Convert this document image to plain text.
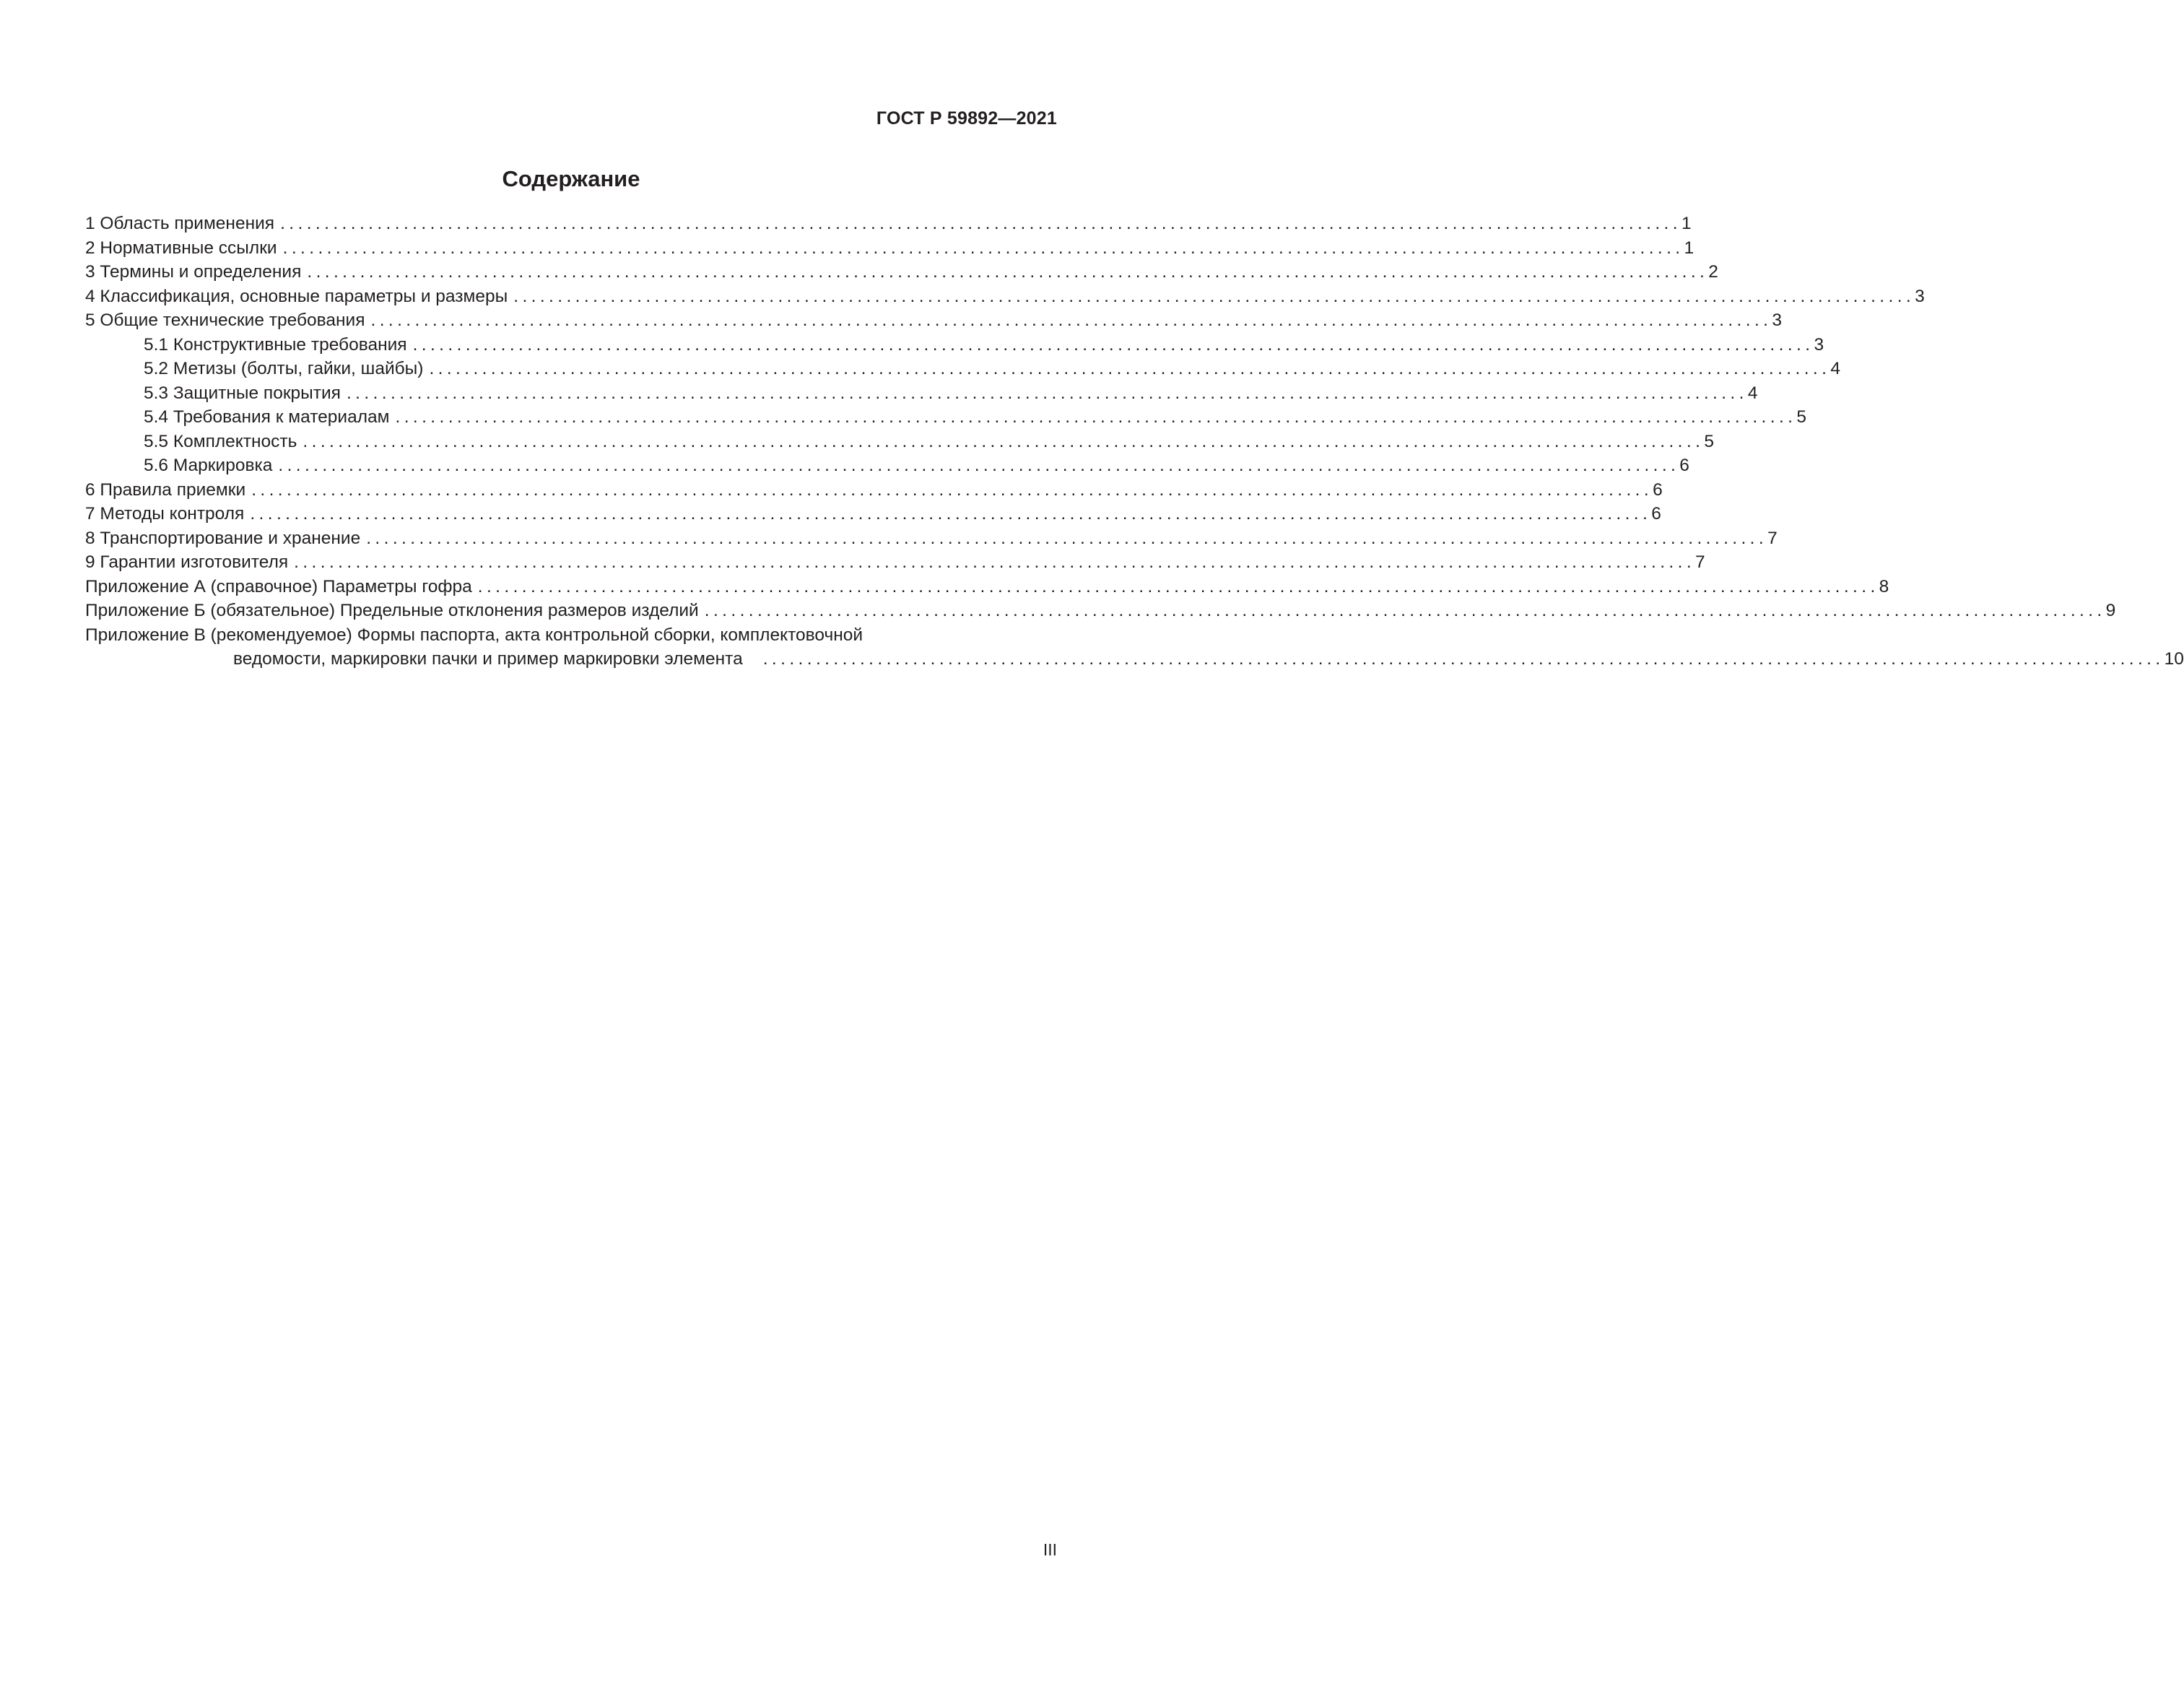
ГОСТ Р 59892—2021
Содержание
1 Область применения ............................................................................................................................................................... 1
2 Нормативные ссылки ............................................................................................................................................................... 1
3 Термины и определения ............................................................................................................................................................... 2
4 Классификация, основные параметры и размеры ............................................................................................................................................................... 3
5 Общие технические требования ............................................................................................................................................................... 3
5.1 Конструктивные требования ............................................................................................................................................................... 3
5.2 Метизы (болты, гайки, шайбы) ............................................................................................................................................................... 4
5.3 Защитные покрытия ............................................................................................................................................................... 4
5.4 Требования к материалам ............................................................................................................................................................... 5
5.5 Комплектность ............................................................................................................................................................... 5
5.6 Маркировка ............................................................................................................................................................... 6
6 Правила приемки ............................................................................................................................................................... 6
7 Методы контроля ............................................................................................................................................................... 6
8 Транспортирование и хранение ............................................................................................................................................................... 7
9 Гарантии изготовителя ............................................................................................................................................................... 7
Приложение А (справочное) Параметры гофра ............................................................................................................................................................... 8
Приложение Б (обязательное) Предельные отклонения размеров изделий ............................................................................................................................................................... 9
Приложение В (рекомендуемое) Формы паспорта, акта контрольной сборки, комплектовочной
ведомости, маркировки пачки и пример маркировки элемента	............................................................................................................................................................... 10
III
